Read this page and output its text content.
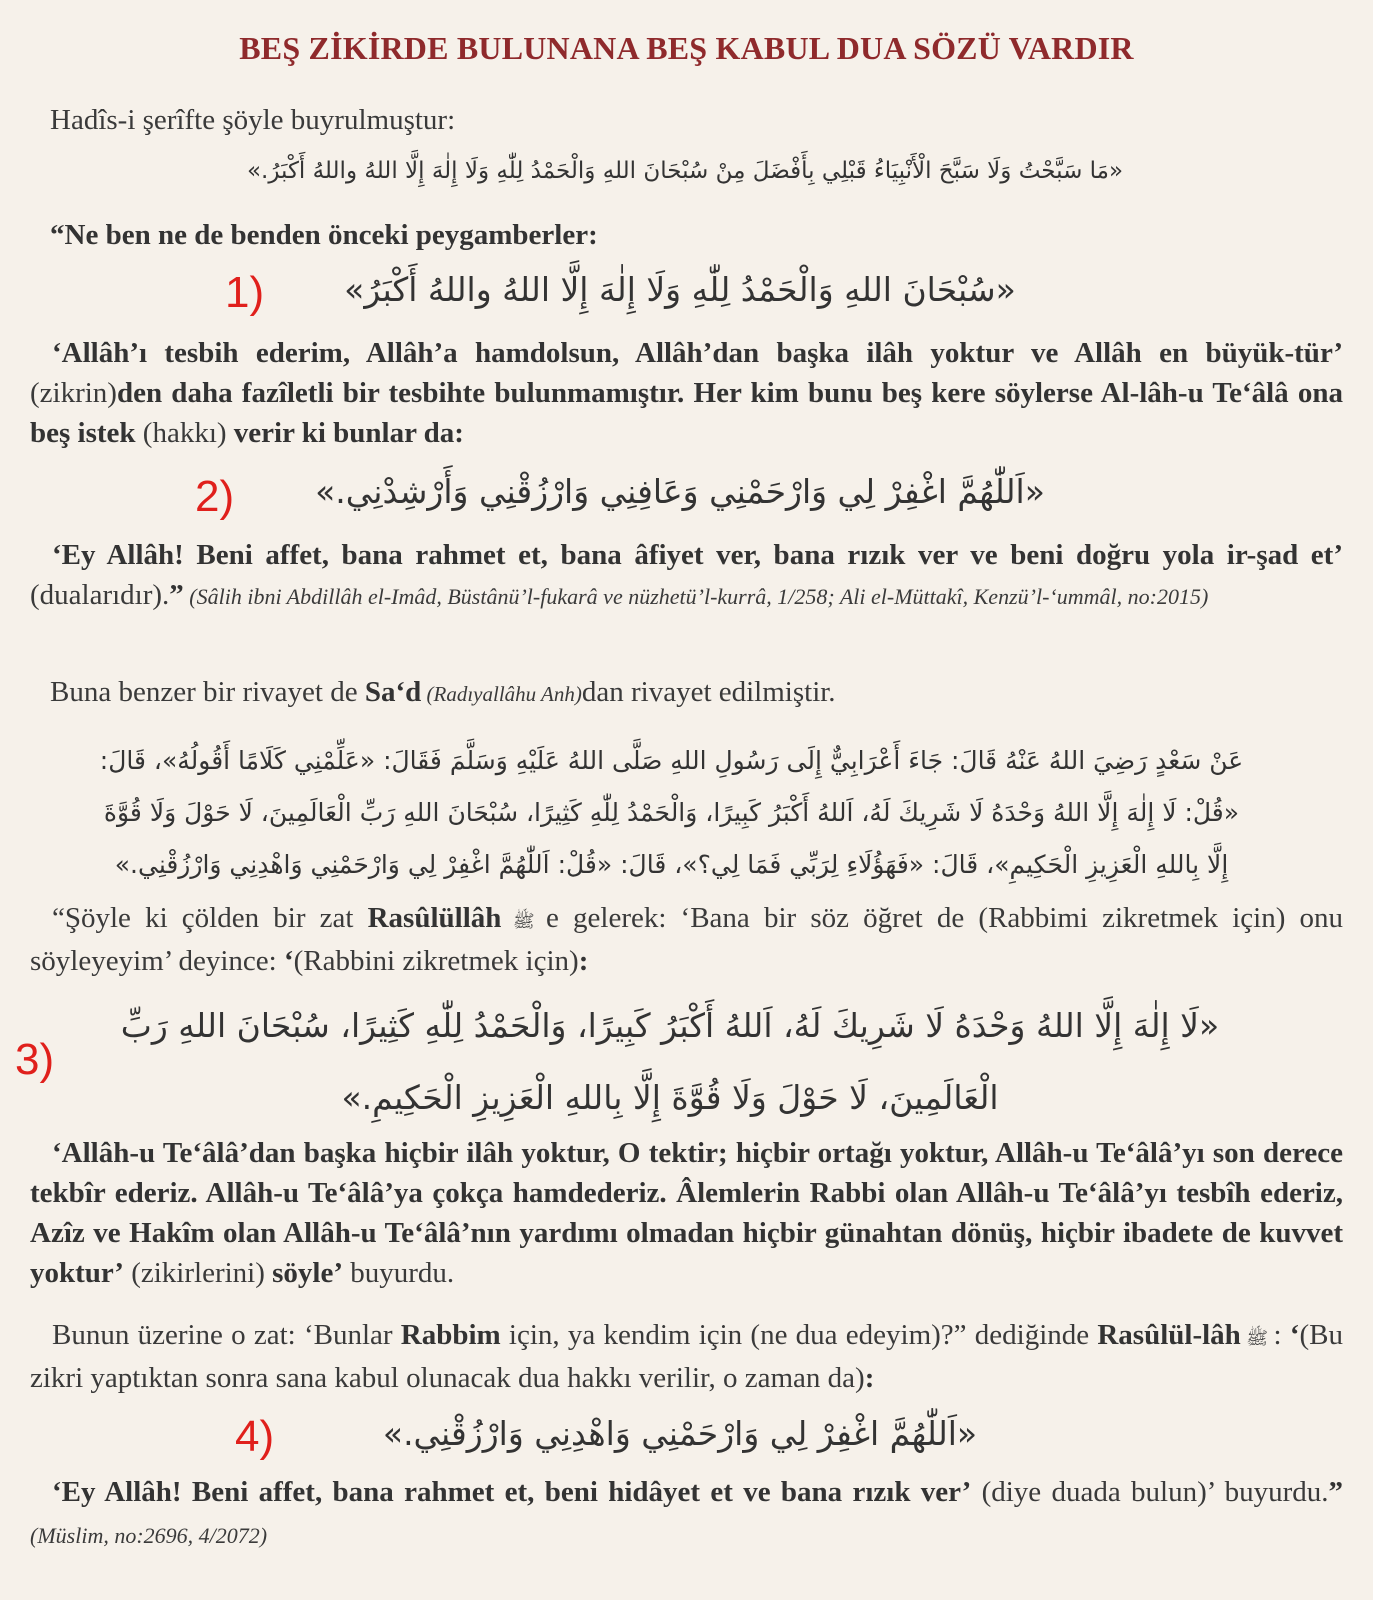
BEŞ ZİKİRDE BULUNANA BEŞ KABUL DUA SÖZÜ VARDIR
Hadîs-i şerîfte şöyle buyrulmuştur:
«مَا سَبَّحْتُ وَلَا سَبَّحَ الْأَنْبِيَاءُ قَبْلِي بِأَفْضَلَ مِنْ سُبْحَانَ اللهِ وَالْحَمْدُ لِلّٰهِ وَلَا إِلٰهَ إِلَّا اللهُ واللهُ أَكْبَرُ.»
“Ne ben ne de benden önceki peygamberler:
1)	«سُبْحَانَ اللهِ وَالْحَمْدُ لِلّٰهِ وَلَا إِلٰهَ إِلَّا اللهُ واللهُ أَكْبَرُ»
‘Allâh’ı tesbih ederim, Allâh’a hamdolsun, Allâh’dan başka ilâh yoktur ve Allâh en büyük-tür’ (zikrin)den daha fazîletli bir tesbihte bulunmamıştır. Her kim bunu beş kere söylerse Al-lâh-u Te‘âlâ ona beş istek (hakkı) verir ki bunlar da:
2)	«اَللّٰهُمَّ اغْفِرْ لِي وَارْحَمْنِي وَعَافِنِي وَارْزُقْنِي وَأَرْشِدْنِي.»
‘Ey Allâh! Beni affet, bana rahmet et, bana âfiyet ver, bana rızık ver ve beni doğru yola ir-şad et’ (dualarıdır).” (Sâlih ibni Abdillâh el-Imâd, Büstânü’l-fukarâ ve nüzhetü’l-kurrâ, 1/258; Ali el-Müttakî, Kenzü’l-‘ummâl, no:2015)
Buna benzer bir rivayet de Sa‘d (Radıyallâhu Anh)dan rivayet edilmiştir.
عَنْ سَعْدٍ رَضِيَ اللهُ عَنْهُ قَالَ: جَاءَ أَعْرَابِيٌّ إِلَى رَسُولِ اللهِ صَلَّى اللهُ عَلَيْهِ وَسَلَّمَ فَقَالَ: «عَلِّمْنِي كَلَامًا أَقُولُهُ»، قَالَ:
«قُلْ: لَا إِلٰهَ إِلَّا اللهُ وَحْدَهُ لَا شَرِيكَ لَهُ، اَللهُ أَكْبَرُ كَبِيرًا، وَالْحَمْدُ لِلّٰهِ كَثِيرًا، سُبْحَانَ اللهِ رَبِّ الْعَالَمِينَ، لَا حَوْلَ وَلَا قُوَّةَ
إِلَّا بِاللهِ الْعَزِيزِ الْحَكِيمِ»، قَالَ: «فَهَؤُلَاءِ لِرَبِّي فَمَا لِي؟»، قَالَ: «قُلْ: اَللّٰهُمَّ اغْفِرْ لِي وَارْحَمْنِي وَاهْدِنِي وَارْزُقْنِي.»
“Şöyle ki çölden bir zat Rasûlüllâh ﷺ e gelerek: ‘Bana bir söz öğret de (Rabbimi zikretmek için) onu söyleyeyim’ deyince: ‘(Rabbini zikretmek için):
3)
«لَا إِلٰهَ إِلَّا اللهُ وَحْدَهُ لَا شَرِيكَ لَهُ، اَللهُ أَكْبَرُ كَبِيرًا، وَالْحَمْدُ لِلّٰهِ كَثِيرًا، سُبْحَانَ اللهِ رَبِّ
الْعَالَمِينَ، لَا حَوْلَ وَلَا قُوَّةَ إِلَّا بِاللهِ الْعَزِيزِ الْحَكِيمِ.»
‘Allâh-u Te‘âlâ’dan başka hiçbir ilâh yoktur, O tektir; hiçbir ortağı yoktur, Allâh-u Te‘âlâ’yı son derece tekbîr ederiz. Allâh-u Te‘âlâ’ya çokça hamdederiz. Âlemlerin Rabbi olan Allâh-u Te‘âlâ’yı tesbîh ederiz, Azîz ve Hakîm olan Allâh-u Te‘âlâ’nın yardımı olmadan hiçbir günahtan dönüş, hiçbir ibadete de kuvvet yoktur’ (zikirlerini) söyle’ buyurdu.
Bunun üzerine o zat: ‘Bunlar Rabbim için, ya kendim için (ne dua edeyim)?” dediğinde Rasûlül-lâh ﷺ : ‘(Bu zikri yaptıktan sonra sana kabul olunacak dua hakkı verilir, o zaman da):
4)	«اَللّٰهُمَّ اغْفِرْ لِي وَارْحَمْنِي وَاهْدِنِي وَارْزُقْنِي.»
‘Ey Allâh! Beni affet, bana rahmet et, beni hidâyet et ve bana rızık ver’ (diye duada bulun)’ buyurdu.” (Müslim, no:2696, 4/2072)
